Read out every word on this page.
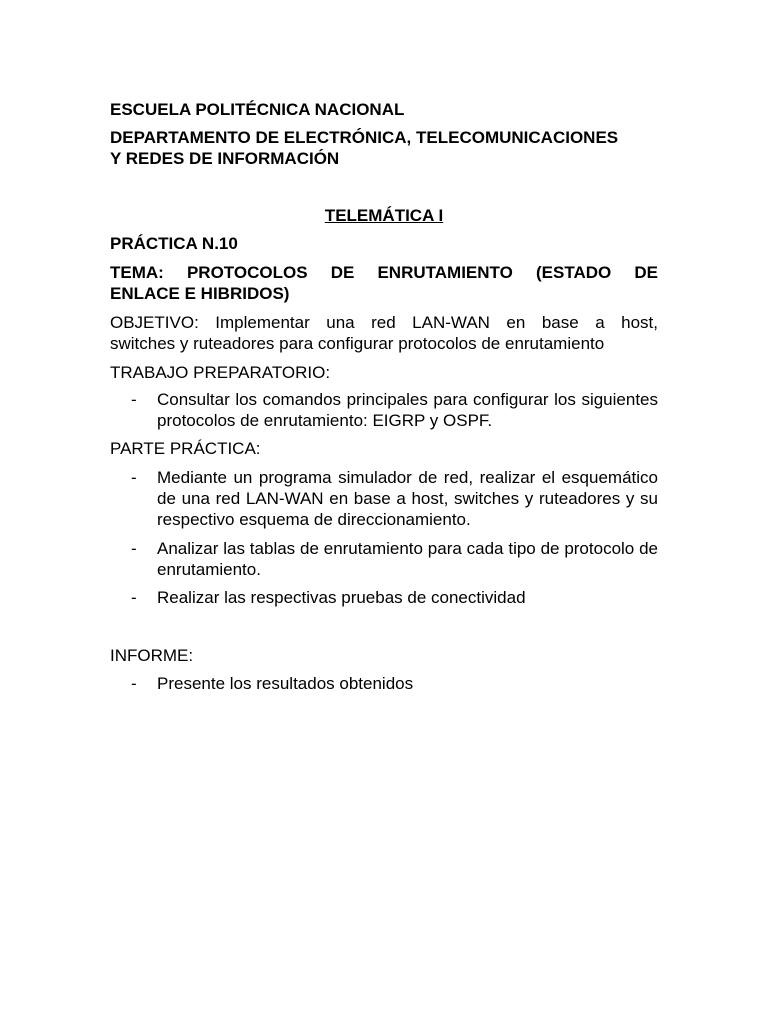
ESCUELA POLITÉCNICA NACIONAL
DEPARTAMENTO DE ELECTRÓNICA, TELECOMUNICACIONES
Y REDES DE INFORMACIÓN
TELEMÁTICA I
PRÁCTICA N.10
TEMA: PROTOCOLOS DE ENRUTAMIENTO (ESTADO DE
ENLACE E HIBRIDOS)
OBJETIVO: Implementar una red LAN-WAN en base a host,
switches y ruteadores para configurar protocolos de enrutamiento
TRABAJO PREPARATORIO:
- Consultar los comandos principales para configurar los siguientes protocolos de enrutamiento: EIGRP y OSPF.
PARTE PRÁCTICA:
- Mediante un programa simulador de red, realizar el esquemático de una red LAN-WAN en base a host, switches y ruteadores y su respectivo esquema de direccionamiento.
- Analizar las tablas de enrutamiento para cada tipo de protocolo de enrutamiento.
- Realizar las respectivas pruebas de conectividad
INFORME:
- Presente los resultados obtenidos
